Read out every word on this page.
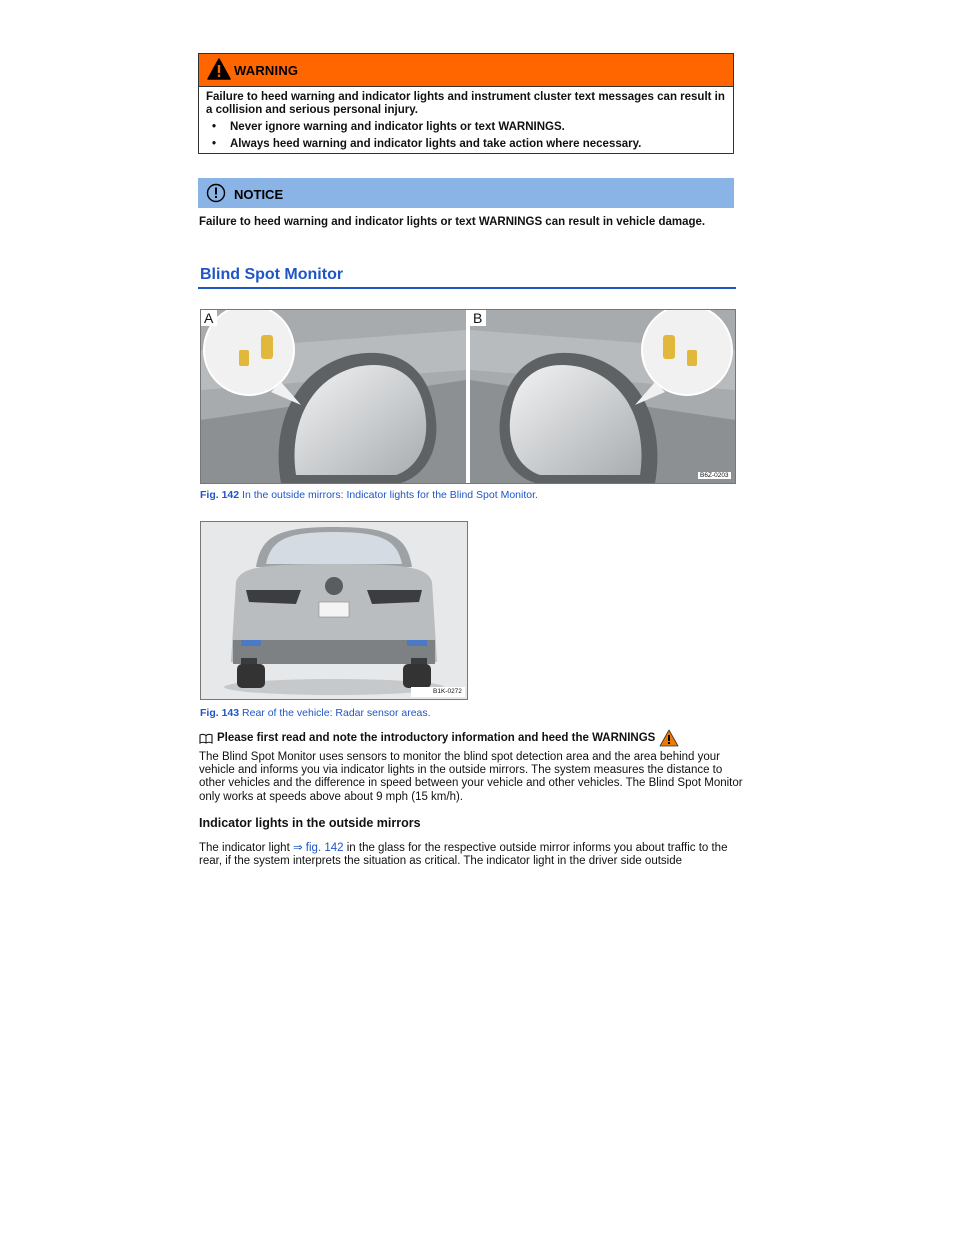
WARNING

Failure to heed warning and indicator lights and instrument cluster text messages can result in a collision and serious personal injury.

• Never ignore warning and indicator lights or text WARNINGS.
• Always heed warning and indicator lights and take action where necessary.
NOTICE
Failure to heed warning and indicator lights or text WARNINGS can result in vehicle damage.
Blind Spot Monitor
A	B
B6Z-0203
Fig. 142 In the outside mirrors: Indicator lights for the Blind Spot Monitor.
B1K-0272
Fig. 143 Rear of the vehicle: Radar sensor areas.
Please first read and note the introductory information and heed the WARNINGS
The Blind Spot Monitor uses sensors to monitor the blind spot detection area and the area behind your vehicle and informs you via indicator lights in the outside mirrors. The system measures the distance to other vehicles and the difference in speed between your vehicle and other vehicles. The Blind Spot Monitor only works at speeds above about 9 mph (15 km/h).
Indicator lights in the outside mirrors
The indicator light ⇒ fig. 142 in the glass for the respective outside mirror informs you about traffic to the rear, if the system interprets the situation as critical. The indicator light in the driver side outside
